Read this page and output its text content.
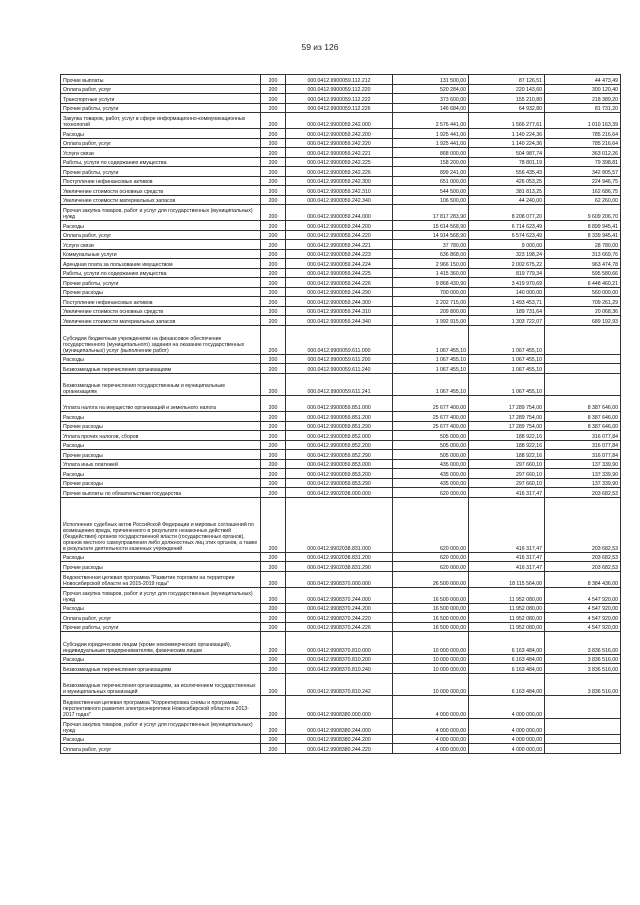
59 из 126
Прочие выплаты	200	000.0412.9900059.112.212	131 500,00	87 126,51	44 473,49
Оплата работ, услуг	200	000.0412.9900059.112.220	520 284,00	220 143,60	300 120,40
Транспортные услуги	200	000.0412.9900059.112.222	373 600,00	155 210,80	218 389,20
Прочие работы, услуги	200	000.0412.9900059.112.226	146 684,00	64 932,80	81 731,20
Закупка товаров, работ, услуг в сфере информационно-коммуникационных технологий	200	000.0412.9900059.242.000	2 576 441,00	1 566 277,61	1 010 163,39
Расходы	200	000.0412.9900059.242.200	1 925 441,00	1 140 224,36	785 216,64
Оплата работ, услуг	200	000.0412.9900059.242.220	1 925 441,00	1 140 224,36	785 216,64
Услуги связи	200	000.0412.9900059.242.221	868 000,00	504 987,74	363 012,26
Работы, услуги по содержанию имущества	200	000.0412.9900059.242.225	158 200,00	78 801,19	79 398,81
Прочие работы, услуги	200	000.0412.9900059.242.226	899 241,00	556 435,43	342 805,57
Поступление нефинансовых активов	200	000.0412.9900059.242.300	651 000,00	426 053,25	224 946,75
Увеличение стоимости основных средств	200	000.0412.9900059.242.310	544 500,00	381 813,25	162 686,75
Увеличение стоимости материальных запасов	200	000.0412.9900059.242.340	106 500,00	44 240,00	62 260,00
Прочая закупка товаров, работ и услуг для государственных (муниципальных) нужд	200	000.0412.9900059.244.000	17 817 283,90	8 208 077,20	9 609 206,70
Расходы	200	000.0412.9900059.244.200	15 614 568,90	6 714 623,49	8 899 945,41
Оплата работ, услуг	200	000.0412.9900059.244.220	14 914 568,90	6 574 623,49	8 339 945,41
Услуги связи	200	000.0412.9900059.244.221	37 780,00	9 000,00	28 780,00
Коммунальные услуги	200	000.0412.9900059.244.223	636 868,00	323 198,24	313 669,76
Арендная плата за пользование имуществом	200	000.0412.9900059.244.224	2 966 150,00	2 002 675,22	963 474,78
Работы, услуги по содержанию имущества	200	000.0412.9900059.244.225	1 415 360,00	819 779,34	595 580,66
Прочие работы, услуги	200	000.0412.9900059.244.226	9 868 430,90	3 419 970,69	6 448 460,21
Прочие расходы	200	000.0412.9900059.244.290	700 000,00	140 000,00	560 000,00
Поступление нефинансовых активов	200	000.0412.9900059.244.300	2 202 715,00	1 493 453,71	709 261,29
Увеличение стоимости основных средств	200	000.0412.9900059.244.310	209 800,00	189 731,64	20 068,36
Увеличение стоимости материальных запасов	200	000.0412.9900059.244.340	1 992 915,00	1 303 722,07	689 192,93
Субсидии бюджетным учреждениям на финансовое обеспечение государственного (муниципального) задания на оказание государственных (муниципальных) услуг (выполнение работ)	200	000.0412.9900059.611.000	1 067 455,10	1 067 455,10	
Расходы	200	000.0412.9900059.611.200	1 067 455,10	1 067 455,10	
Безвозмездные перечисления организациям	200	000.0412.9900059.611.240	1 067 455,10	1 067 455,10	
Безвозмездные перечисления государственным и муниципальным организациям	200	000.0412.9900059.611.241	1 067 455,10	1 067 455,10	
Уплата налога на имущество организаций и земельного налога	200	000.0412.9900059.851.000	25 677 400,00	17 289 754,00	8 387 646,00
Расходы	200	000.0412.9900059.851.200	25 677 400,00	17 289 754,00	8 387 646,00
Прочие расходы	200	000.0412.9900059.851.290	25 677 400,00	17 289 754,00	8 387 646,00
Уплата прочих налогов, сборов	200	000.0412.9900059.852.000	505 000,00	188 922,16	316 077,84
Расходы	200	000.0412.9900059.852.200	505 000,00	188 922,16	316 077,84
Прочие расходы	200	000.0412.9900059.852.290	505 000,00	188 922,16	316 077,84
Уплата иных платежей	200	000.0412.9900059.853.000	435 000,00	297 660,10	137 339,90
Расходы	200	000.0412.9900059.853.200	435 000,00	297 660,10	137 339,90
Прочие расходы	200	000.0412.9900059.853.290	435 000,00	297 660,10	137 339,90
Прочие выплаты по обязательствам государства	200	000.0412.9902038.000.000	620 000,00	416 317,47	203 682,53
Исполнение судебных актов Российской Федерации и мировых соглашений по возмещению вреда, причиненного в результате незаконных действий (бездействия) органов государственной власти (государственных органов), органов местного самоуправления либо должностных лиц этих органов, а также в результате деятельности казенных учреждений	200	000.0412.9902038.831.000	620 000,00	416 317,47	203 682,53
Расходы	200	000.0412.9902038.831.200	620 000,00	416 317,47	203 682,53
Прочие расходы	200	000.0412.9902038.831.290	620 000,00	416 317,47	203 682,53
Ведомственная целевая программа "Развитие торговли на территории Новосибирской области на 2015-2019 годы"	200	000.0412.9908370.000.000	26 500 000,00	18 115 564,00	8 384 436,00
Прочая закупка товаров, работ и услуг для государственных (муниципальных) нужд	200	000.0412.9908370.244.000	16 500 000,00	11 952 080,00	4 547 920,00
Расходы	200	000.0412.9908370.244.200	16 500 000,00	11 952 080,00	4 547 920,00
Оплата работ, услуг	200	000.0412.9908370.244.220	16 500 000,00	11 952 080,00	4 547 920,00
Прочие работы, услуги	200	000.0412.9908370.244.226	16 500 000,00	11 952 080,00	4 547 920,00
Субсидии юридическим лицам (кроме некоммерческих организаций), индивидуальным предпринимателям, физическим лицам	200	000.0412.9908370.810.000	10 000 000,00	6 163 484,00	3 836 516,00
Расходы	200	000.0412.9908370.810.200	10 000 000,00	6 163 484,00	3 836 516,00
Безвозмездные перечисления организациям	200	000.0412.9908370.810.240	10 000 000,00	6 163 484,00	3 836 516,00
Безвозмездные перечисления организациям, за исключением государственных и муниципальных организаций	200	000.0412.9908370.810.242	10 000 000,00	6 163 484,00	3 836 516,00
Ведомственная целевая программа "Корректировка схемы и программы перспективного развития электроэнергетики Новосибирской области в 2013-2017 годах"	200	000.0412.9908380.000.000	4 000 000,00	4 000 000,00	
Прочая закупка товаров, работ и услуг для государственных (муниципальных) нужд	200	000.0412.9908380.244.000	4 000 000,00	4 000 000,00	
Расходы	200	000.0412.9908380.244.200	4 000 000,00	4 000 000,00	
Оплата работ, услуг	200	000.0412.9908380.244.220	4 000 000,00	4 000 000,00	
